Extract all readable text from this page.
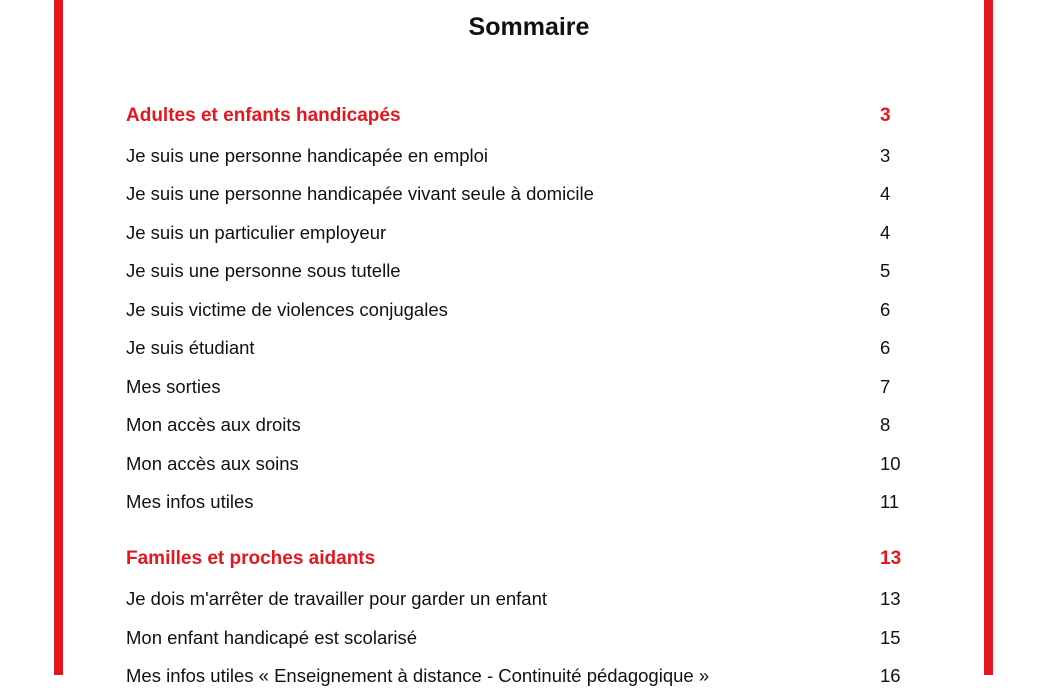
Sommaire
Adultes et enfants handicapés	3
Je suis une personne handicapée en emploi	3
Je suis une personne handicapée vivant seule à domicile	4
Je suis un particulier employeur	4
Je suis une personne sous tutelle	5
Je suis victime de violences conjugales	6
Je suis étudiant	6
Mes sorties	7
Mon accès aux droits	8
Mon accès aux soins	10
Mes infos utiles	11
Familles et proches aidants	13
Je dois m'arrêter de travailler pour garder un enfant	13
Mon enfant handicapé est scolarisé	15
Mes infos utiles « Enseignement à distance - Continuité pédagogique »	16
